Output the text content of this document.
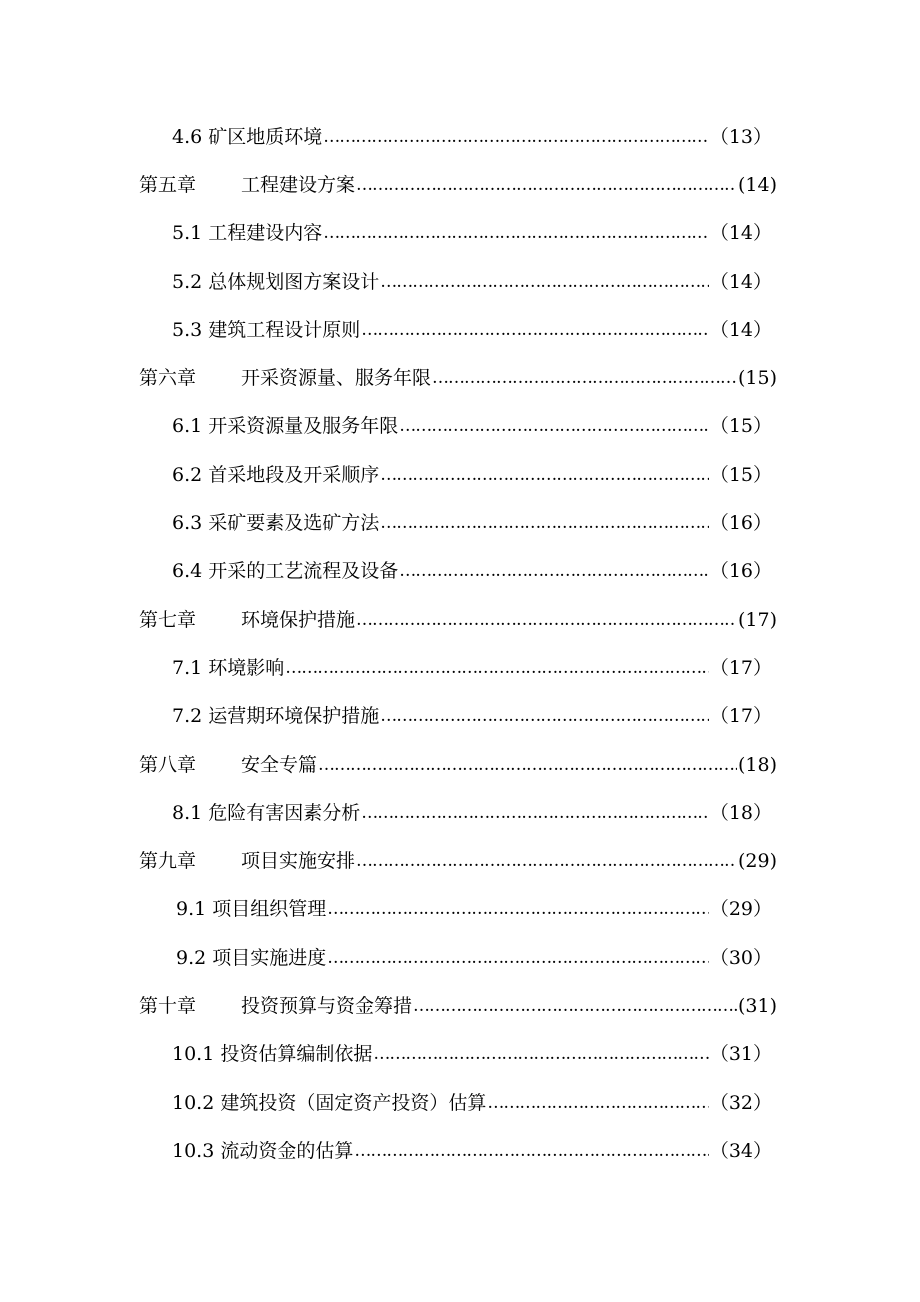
4.6 矿区地质环境 …………………………………………………………………………………………………………………………	（13）
第五章	工程建设方案 …………………………………………………………………………………………………………………………	(14)
5.1 工程建设内容 …………………………………………………………………………………………………………………………	（14）
5.2 总体规划图方案设计 …………………………………………………………………………………………………………………………	（14）
5.3 建筑工程设计原则 …………………………………………………………………………………………………………………………	（14）
第六章	开采资源量、服务年限 …………………………………………………………………………………………………………………………	(15)
6.1 开采资源量及服务年限 …………………………………………………………………………………………………………………………	（15）
6.2 首采地段及开采顺序 …………………………………………………………………………………………………………………………	（15）
6.3 采矿要素及选矿方法 …………………………………………………………………………………………………………………………	（16）
6.4 开采的工艺流程及设备 …………………………………………………………………………………………………………………………	（16）
第七章	环境保护措施 …………………………………………………………………………………………………………………………	(17)
7.1 环境影响 …………………………………………………………………………………………………………………………	（17）
7.2 运营期环境保护措施 …………………………………………………………………………………………………………………………	（17）
第八章	安全专篇 …………………………………………………………………………………………………………………………	(18)
8.1 危险有害因素分析 …………………………………………………………………………………………………………………………	（18）
第九章	项目实施安排 …………………………………………………………………………………………………………………………	(29)
9.1 项目组织管理 …………………………………………………………………………………………………………………………	（29）
9.2 项目实施进度 …………………………………………………………………………………………………………………………	（30）
第十章	投资预算与资金筹措 …………………………………………………………………………………………………………………………	(31)
10.1 投资估算编制依据 …………………………………………………………………………………………………………………………	（31）
10.2 建筑投资（固定资产投资）估算 …………………………………………………………………………………………………………………………	（32）
10.3 流动资金的估算 …………………………………………………………………………………………………………………………	（34）
